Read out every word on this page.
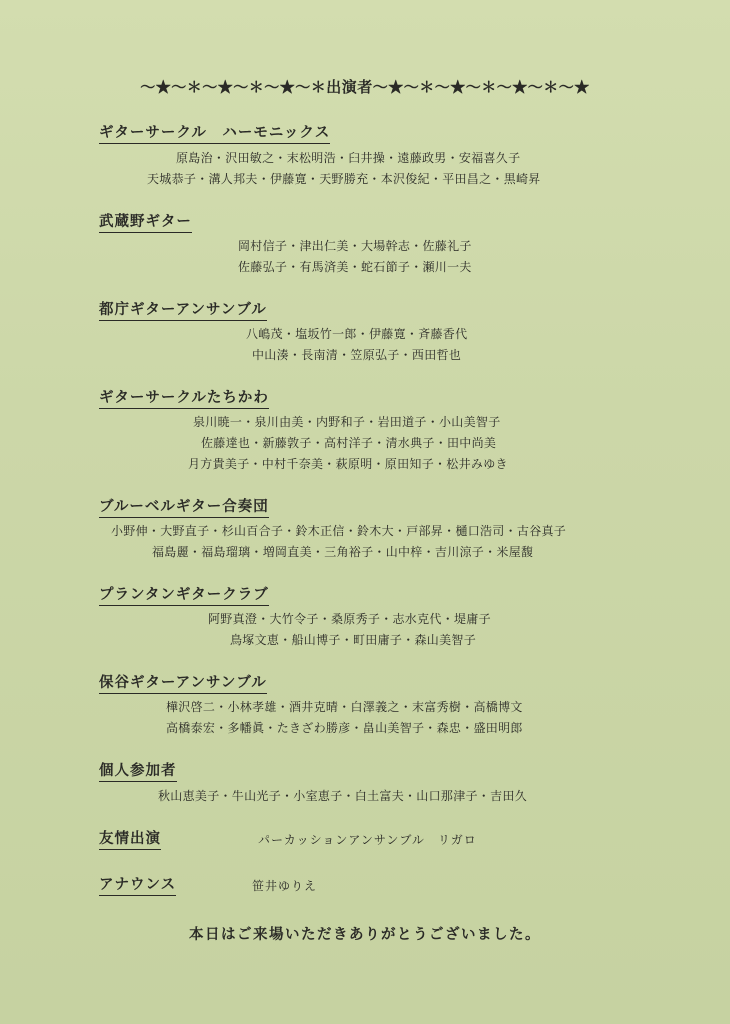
〜★〜＊〜★〜＊〜★〜＊出演者〜★〜＊〜★〜＊〜★〜＊〜★
ギターサークル　ハーモニックス
原島治・沢田敏之・末松明浩・臼井操・遠藤政男・安福喜久子
天城恭子・溝人邦夫・伊藤寛・天野勝充・本沢俊紀・平田昌之・黒崎昇
武蔵野ギター
岡村信子・津出仁美・大場幹志・佐藤礼子
佐藤弘子・有馬済美・蛇石節子・瀬川一夫
都庁ギターアンサンブル
八嶋茂・塩坂竹一郎・伊藤寛・斉藤香代
中山湊・長南清・笠原弘子・西田哲也
ギターサークルたちかわ
泉川暁一・泉川由美・内野和子・岩田道子・小山美智子
佐藤達也・新藤敦子・高村洋子・清水典子・田中尚美
月方貴美子・中村千奈美・萩原明・原田知子・松井みゆき
ブルーベルギター合奏団
小野伸・大野直子・杉山百合子・鈴木正信・鈴木大・戸部昇・樋口浩司・古谷真子
福島麗・福島瑠璃・増岡直美・三角裕子・山中梓・吉川涼子・米屋馥
プランタンギタークラブ
阿野真澄・大竹令子・桑原秀子・志水克代・堤庸子
鳥塚文恵・船山博子・町田庸子・森山美智子
保谷ギターアンサンブル
樺沢啓二・小林孝雄・酒井克晴・白澤義之・末富秀樹・高橋博文
高橋泰宏・多幡眞・たきざわ勝彦・畠山美智子・森忠・盛田明郎
個人参加者
秋山恵美子・牛山光子・小室恵子・白土富夫・山口那津子・吉田久
友情出演	パーカッションアンサンブル　リガロ
アナウンス	笹井ゆりえ
本日はご来場いただきありがとうございました。
